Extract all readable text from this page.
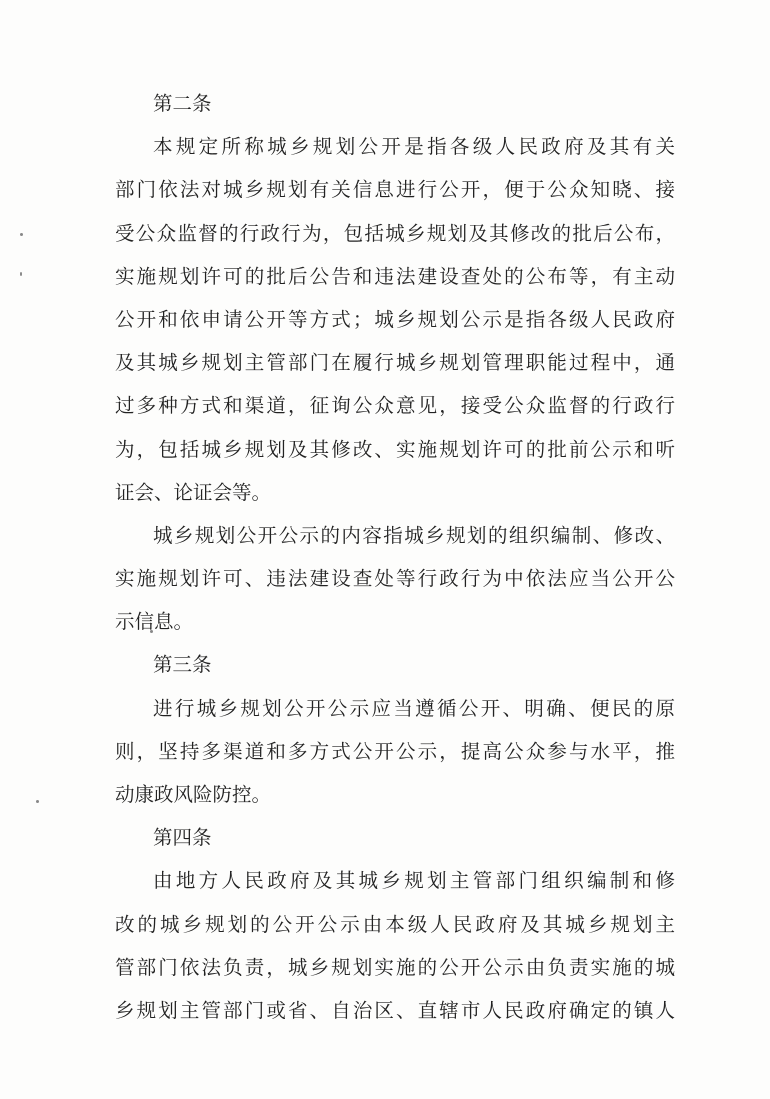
第二条
本规定所称城乡规划公开是指各级人民政府及其有关
部门依法对城乡规划有关信息进行公开，便于公众知晓、接
受公众监督的行政行为，包括城乡规划及其修改的批后公布，
实施规划许可的批后公告和违法建设查处的公布等，有主动
公开和依申请公开等方式；城乡规划公示是指各级人民政府
及其城乡规划主管部门在履行城乡规划管理职能过程中，通
过多种方式和渠道，征询公众意见，接受公众监督的行政行
为，包括城乡规划及其修改、实施规划许可的批前公示和听
证会、论证会等。
城乡规划公开公示的内容指城乡规划的组织编制、修改、
实施规划许可、违法建设查处等行政行为中依法应当公开公
示信息。
第三条
进行城乡规划公开公示应当遵循公开、明确、便民的原
则，坚持多渠道和多方式公开公示，提高公众参与水平，推
动康政风险防控。
第四条
由地方人民政府及其城乡规划主管部门组织编制和修
改的城乡规划的公开公示由本级人民政府及其城乡规划主
管部门依法负责，城乡规划实施的公开公示由负责实施的城
乡规划主管部门或省、自治区、直辖市人民政府确定的镇人
